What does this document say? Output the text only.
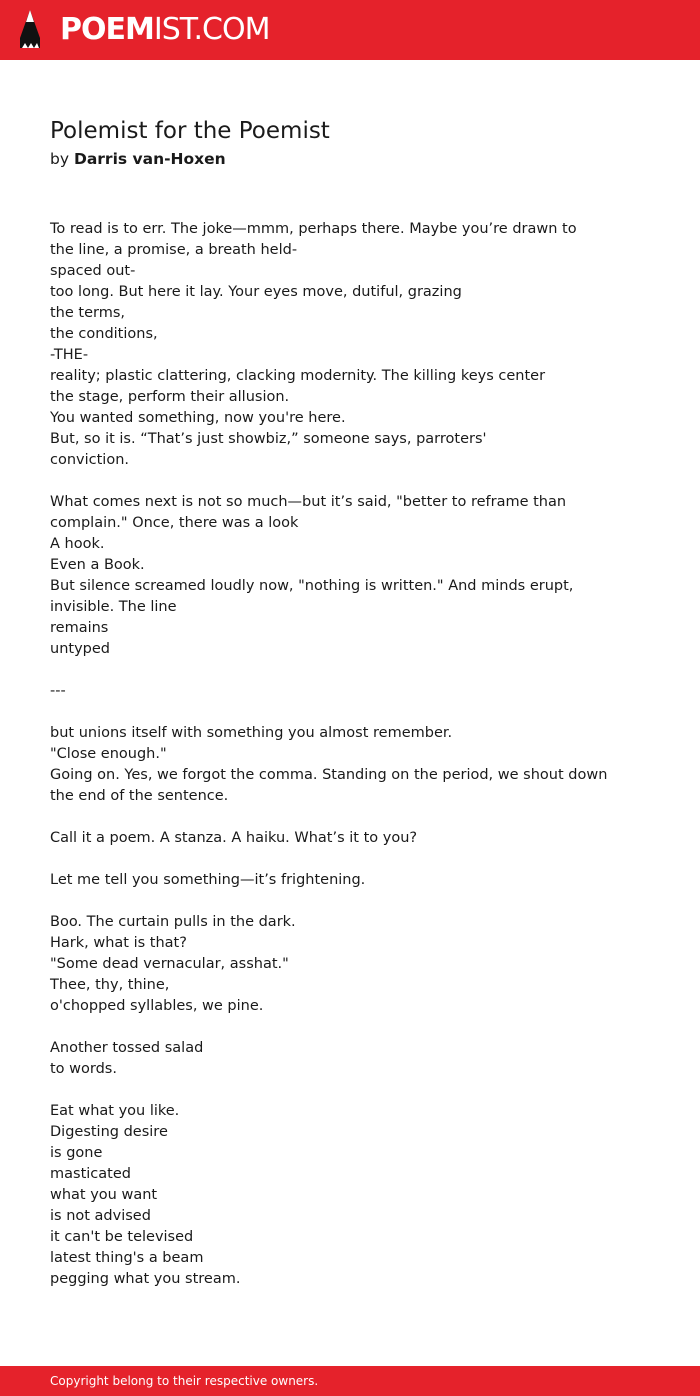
POEMIST.COM
Polemist for the Poemist
by Darris van-Hoxen
To read is to err. The joke—mmm, perhaps there. Maybe you’re drawn to
the line, a promise, a breath held-
spaced out-
too long. But here it lay. Your eyes move, dutiful, grazing
the terms,
the conditions,
-THE-
reality; plastic clattering, clacking modernity. The killing keys center
the stage, perform their allusion.
You wanted something, now you're here.
But, so it is. “That’s just showbiz,” someone says, parroters'
conviction.
What comes next is not so much—but it’s said, "better to reframe than
complain." Once, there was a look
A hook.
Even a Book.
But silence screamed loudly now, "nothing is written." And minds erupt,
invisible. The line
remains
untyped
---
but unions itself with something you almost remember.
"Close enough."
Going on. Yes, we forgot the comma. Standing on the period, we shout down
the end of the sentence.
Call it a poem. A stanza. A haiku. What’s it to you?
Let me tell you something—it’s frightening.
Boo. The curtain pulls in the dark.
Hark, what is that?
"Some dead vernacular, asshat."
Thee, thy, thine,
o'chopped syllables, we pine.
Another tossed salad
to words.
Eat what you like.
Digesting desire
is gone
masticated
what you want
is not advised
it can't be televised
latest thing's a beam
pegging what you stream.
Copyright belong to their respective owners.
